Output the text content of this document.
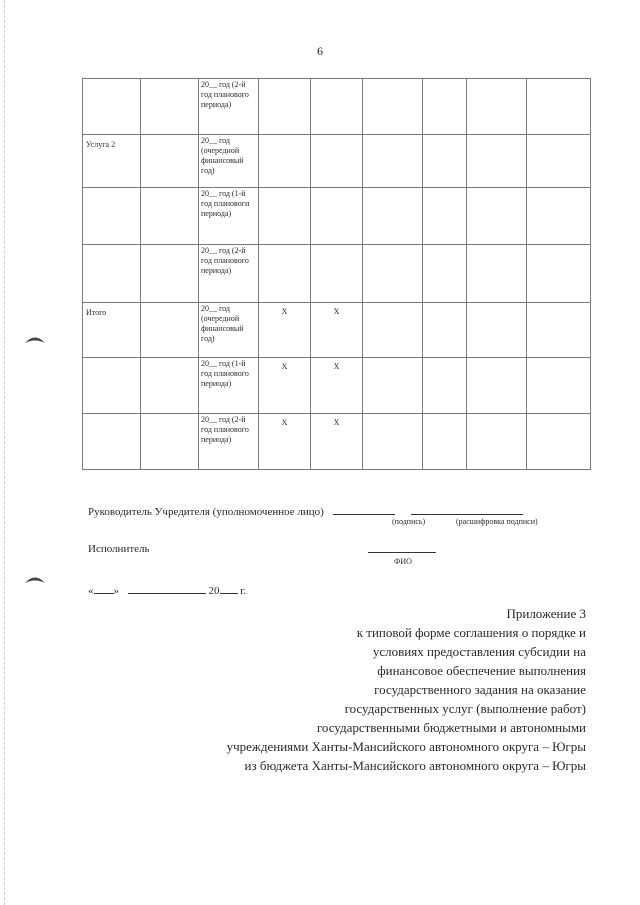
6

		20__ год (2-й год планового периода)						

Услуга 2		20__ год (очередной финансовый год)						

		20__ год (1-й год плановоги периода)						

		20__ год (2-й год планового периода)						

Итого		20__ год (очередной финансовый год)	X	X				

		20__ год (1-й год планового периода)	X	X				

		20__ год (2-й год планового периода)	X	X				
Руководитель Учредителя (уполномоченное лицо)
(подпись)	(расшифровка подписи)
Исполнитель
ФИО
« »	20 г.
Приложение 3
к типовой форме соглашения о порядке и
условиях предоставления субсидии на
финансовое обеспечение выполнения
государственного задания на оказание
государственных услуг (выполнение работ)
государственными бюджетными и автономными
учреждениями Ханты-Мансийского автономного округа – Югры
из бюджета Ханты-Мансийского автономного округа – Югры
